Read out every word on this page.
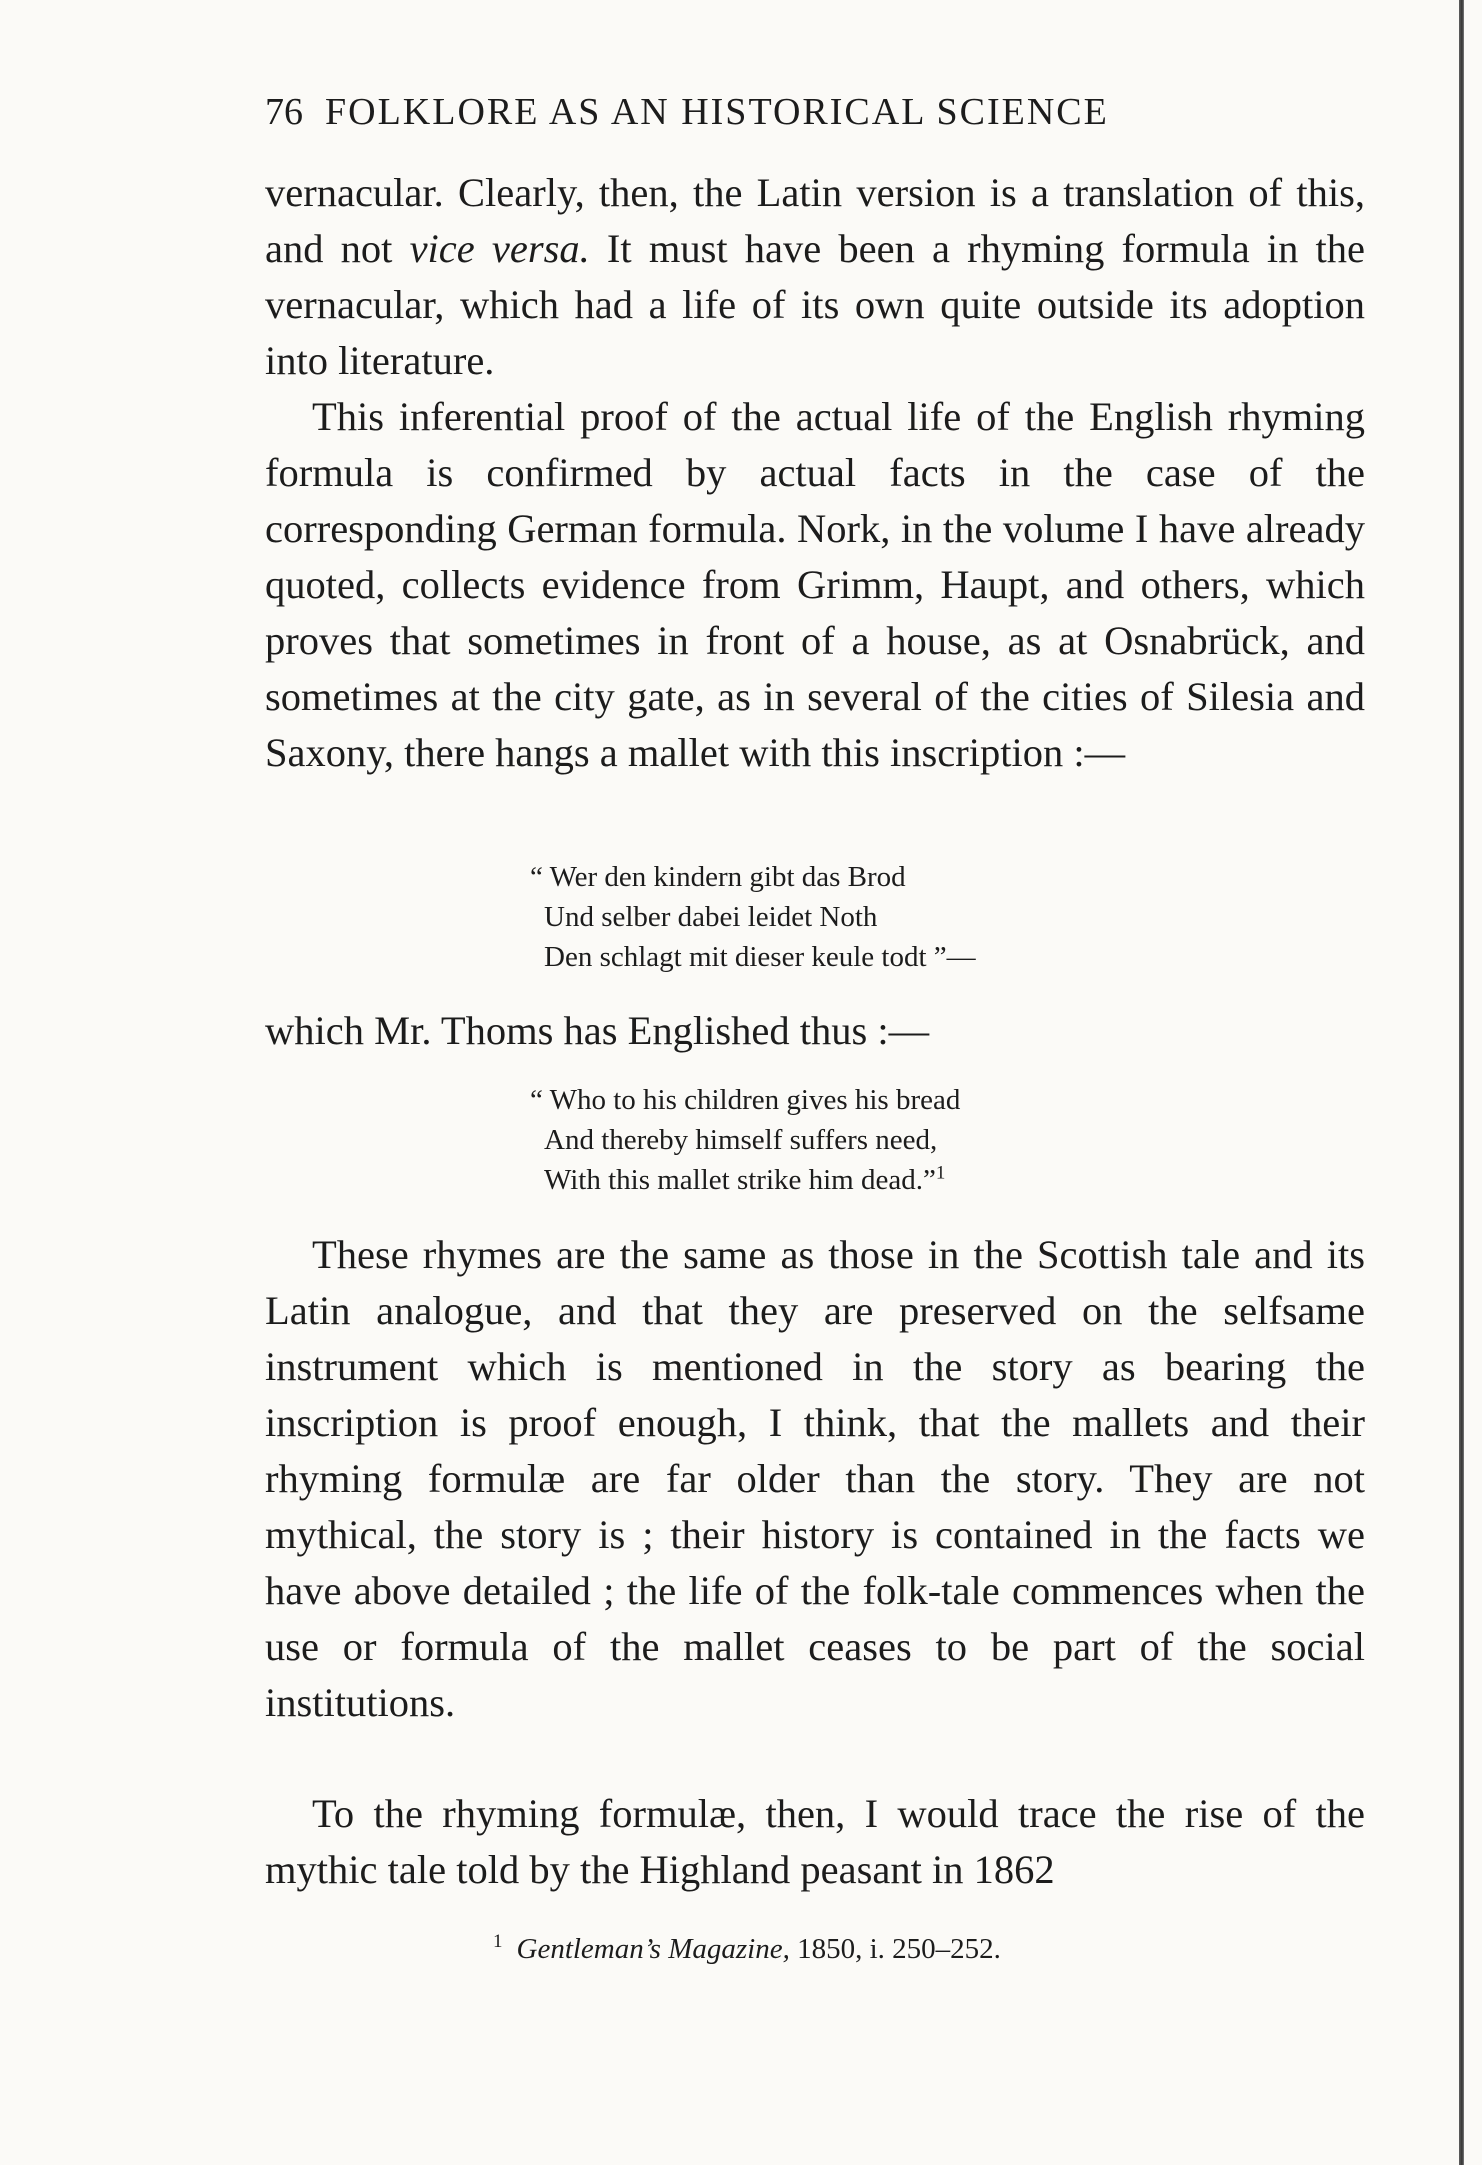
76 FOLKLORE AS AN HISTORICAL SCIENCE

vernacular. Clearly, then, the Latin version is a translation of this, and not vice versa. It must have been a rhyming formula in the vernacular, which had a life of its own quite outside its adoption into literature.

This inferential proof of the actual life of the English rhyming formula is confirmed by actual facts in the case of the corresponding German formula. Nork, in the volume I have already quoted, collects evidence from Grimm, Haupt, and others, which proves that sometimes in front of a house, as at Osnabrück, and sometimes at the city gate, as in several of the cities of Silesia and Saxony, there hangs a mallet with this inscription :—

“ Wer den kindern gibt das Brod
Und selber dabei leidet Noth
Den schlagt mit dieser keule todt ”—

which Mr. Thoms has Englished thus :—

“ Who to his children gives his bread
And thereby himself suffers need,
With this mallet strike him dead.”$^1$

These rhymes are the same as those in the Scottish tale and its Latin analogue, and that they are preserved on the selfsame instrument which is mentioned in the story as bearing the inscription is proof enough, I think, that the mallets and their rhyming formulæ are far older than the story. They are not mythical, the story is ; their history is contained in the facts we have above detailed ; the life of the folk-tale commences when the use or formula of the mallet ceases to be part of the social institutions.

To the rhyming formulæ, then, I would trace the rise of the mythic tale told by the Highland peasant in 1862

$^1$ Gentleman’s Magazine, 1850, i. 250–252.
